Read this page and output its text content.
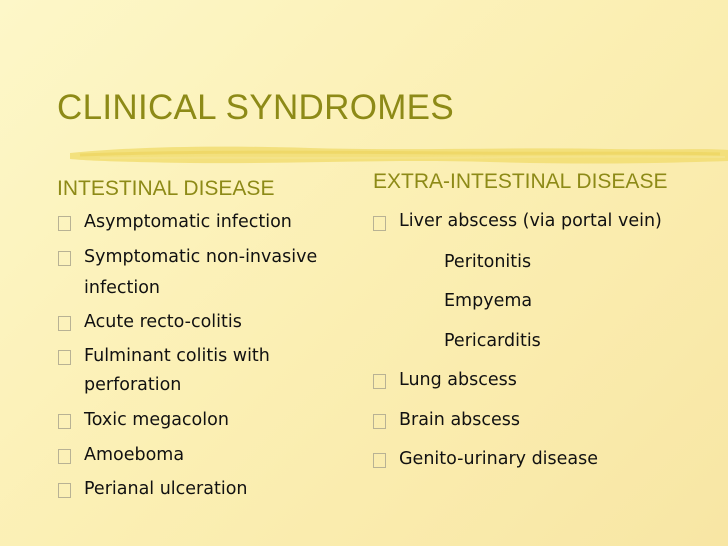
CLINICAL SYNDROMES
INTESTINAL DISEASE
Asymptomatic infection
Symptomatic non-invasive
infection
Acute recto-colitis
Fulminant colitis with
perforation
Toxic megacolon
Amoeboma
Perianal ulceration
EXTRA-INTESTINAL DISEASE
Liver abscess (via portal vein)
Peritonitis
Empyema
Pericarditis
Lung abscess
Brain abscess
Genito-urinary disease
